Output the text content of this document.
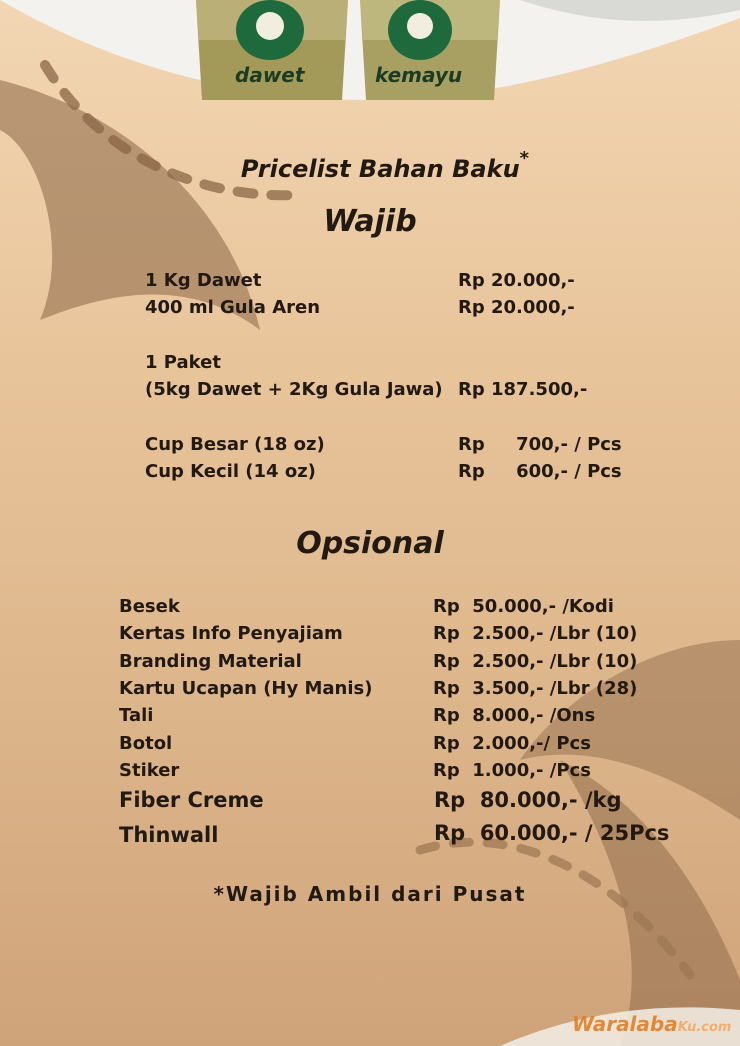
dawet	kemayu
Pricelist Bahan Baku*
Wajib
1 Kg Dawet	Rp 20.000,-
400 ml Gula Aren	Rp 20.000,-
1 Paket
(5kg Dawet + 2Kg Gula Jawa) Rp 187.500,-
Cup Besar (18 oz)	Rp     700,- / Pcs
Cup Kecil (14 oz)	Rp     600,- / Pcs
Opsional
Besek	Rp  50.000,- /Kodi
Kertas Info Penyajiam	Rp  2.500,- /Lbr (10)
Branding Material	Rp  2.500,- /Lbr (10)
Kartu Ucapan (Hy Manis)	Rp  3.500,- /Lbr (28)
Tali	Rp  8.000,- /Ons
Botol	Rp  2.000,-/ Pcs
Stiker	Rp  1.000,- /Pcs
Fiber Creme	Rp  80.000,- /kg
Thinwall	Rp  60.000,- / 25Pcs
*Wajib Ambil dari Pusat
WaralabaKu.com
